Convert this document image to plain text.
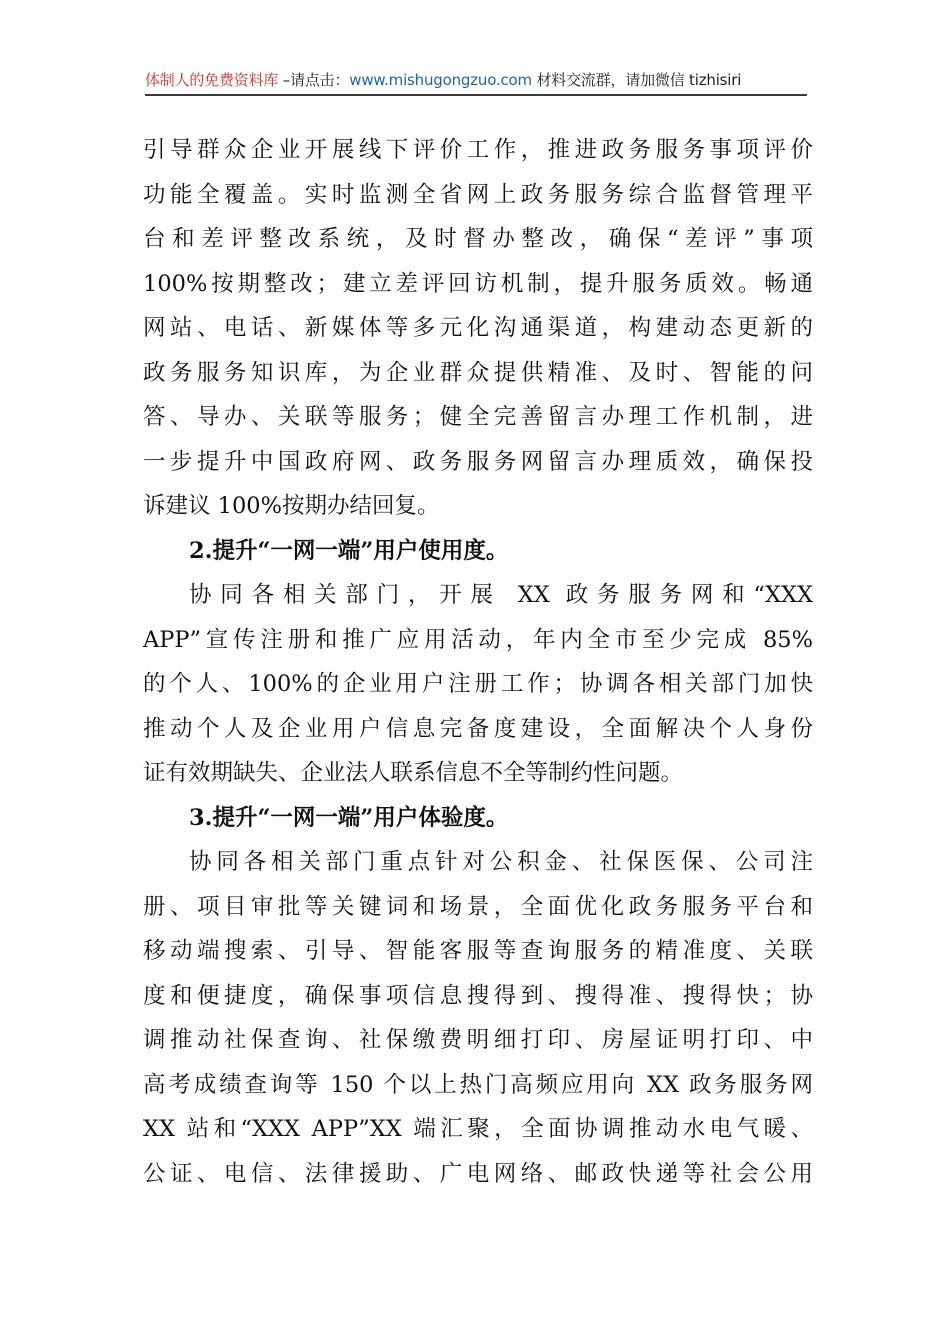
体制人的免费资料库 –请点击：www.mishugongzuo.com 材料交流群，请加微信 tizhisiri
引导群众企业开展线下评价工作，推进政务服务事项评价
功能全覆盖。实时监测全省网上政务服务综合监督管理平
台和差评整改系统，及时督办整改，确保“差评”事项
100%按期整改；建立差评回访机制，提升服务质效。畅通
网站、电话、新媒体等多元化沟通渠道，构建动态更新的
政务服务知识库，为企业群众提供精准、及时、智能的问
答、导办、关联等服务；健全完善留言办理工作机制，进
一步提升中国政府网、政务服务网留言办理质效，确保投
诉建议 100%按期办结回复。
2.提升“一网一端”用户使用度。
协同各相关部门，开展 XX 政务服务网和“XXX
APP”宣传注册和推广应用活动，年内全市至少完成 85%
的个人、100%的企业用户注册工作；协调各相关部门加快
推动个人及企业用户信息完备度建设，全面解决个人身份
证有效期缺失、企业法人联系信息不全等制约性问题。
3.提升“一网一端”用户体验度。
协同各相关部门重点针对公积金、社保医保、公司注
册、项目审批等关键词和场景，全面优化政务服务平台和
移动端搜索、引导、智能客服等查询服务的精准度、关联
度和便捷度，确保事项信息搜得到、搜得准、搜得快；协
调推动社保查询、社保缴费明细打印、房屋证明打印、中
高考成绩查询等 150 个以上热门高频应用向 XX 政务服务网
XX 站和“XXX APP”XX 端汇聚，全面协调推动水电气暖、
公证、电信、法律援助、广电网络、邮政快递等社会公用
